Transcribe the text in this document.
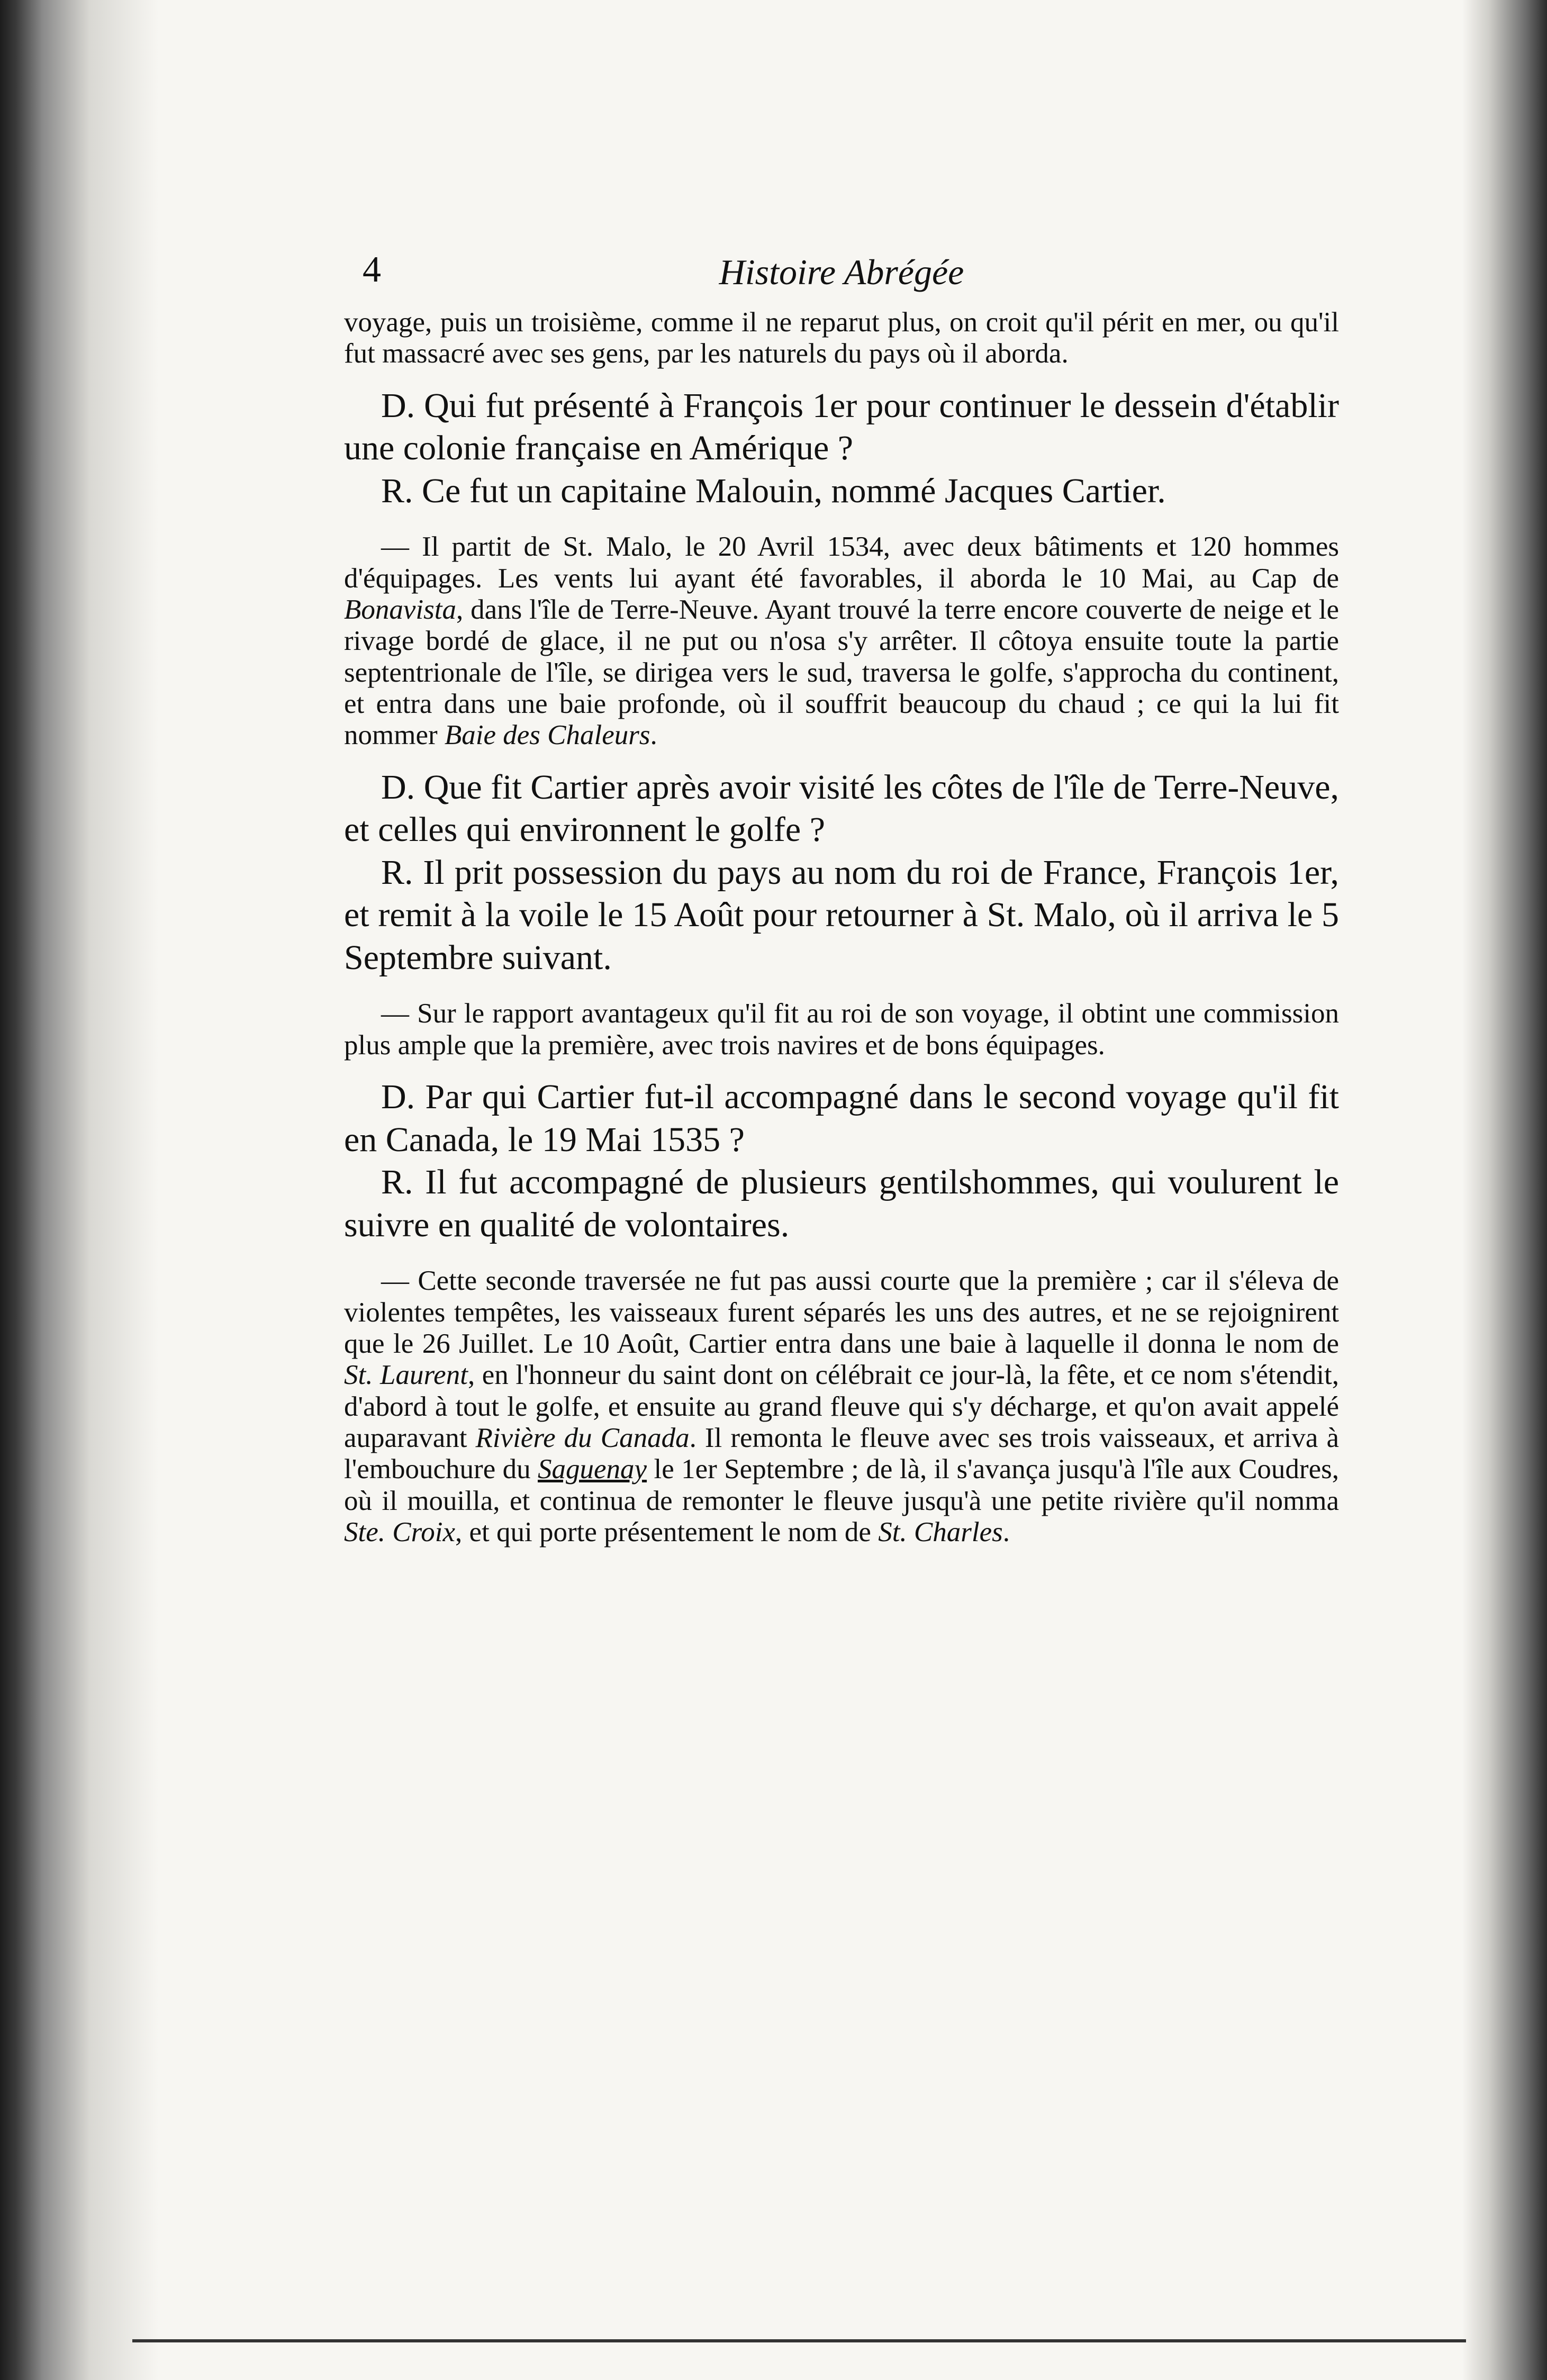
4	Histoire Abrégée

voyage, puis un troisième, comme il ne reparut plus, on croit qu'il périt en mer, ou qu'il fut massacré avec ses gens, par les naturels du pays où il aborda.

D. Qui fut présenté à François 1er pour continuer le dessein d'établir une colonie française en Amérique ?

R. Ce fut un capitaine Malouin, nommé Jacques Cartier.

— Il partit de St. Malo, le 20 Avril 1534, avec deux bâtiments et 120 hommes d'équipages. Les vents lui ayant été favorables, il aborda le 10 Mai, au Cap de Bonavista, dans l'île de Terre-Neuve. Ayant trouvé la terre encore couverte de neige et le rivage bordé de glace, il ne put ou n'osa s'y arrêter. Il côtoya ensuite toute la partie septentrionale de l'île, se dirigea vers le sud, traversa le golfe, s'approcha du continent, et entra dans une baie profonde, où il souffrit beaucoup du chaud ; ce qui la lui fit nommer Baie des Chaleurs.

D. Que fit Cartier après avoir visité les côtes de l'île de Terre-Neuve, et celles qui environnent le golfe ?

R. Il prit possession du pays au nom du roi de France, François 1er, et remit à la voile le 15 Août pour retourner à St. Malo, où il arriva le 5 Septembre suivant.

— Sur le rapport avantageux qu'il fit au roi de son voyage, il obtint une commission plus ample que la première, avec trois navires et de bons équipages.

D. Par qui Cartier fut-il accompagné dans le second voyage qu'il fit en Canada, le 19 Mai 1535 ?

R. Il fut accompagné de plusieurs gentilshommes, qui voulurent le suivre en qualité de volontaires.

— Cette seconde traversée ne fut pas aussi courte que la première ; car il s'éleva de violentes tempêtes, les vaisseaux furent séparés les uns des autres, et ne se rejoignirent que le 26 Juillet. Le 10 Août, Cartier entra dans une baie à laquelle il donna le nom de St. Laurent, en l'honneur du saint dont on célébrait ce jour-là, la fête, et ce nom s'étendit, d'abord à tout le golfe, et ensuite au grand fleuve qui s'y décharge, et qu'on avait appelé auparavant Rivière du Canada. Il remonta le fleuve avec ses trois vaisseaux, et arriva à l'embouchure du Saguenay le 1er Septembre ; de là, il s'avança jusqu'à l'île aux Coudres, où il mouilla, et continua de remonter le fleuve jusqu'à une petite rivière qu'il nomma Ste. Croix, et qui porte présentement le nom de St. Charles.
